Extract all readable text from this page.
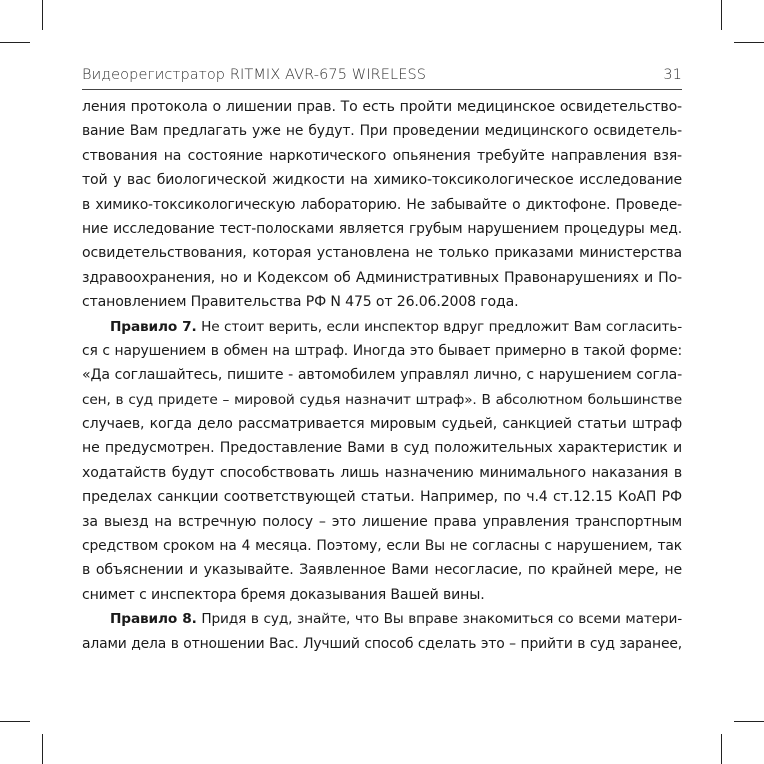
Видеорегистратор RITMIX AVR-675 WIRELESS	31
ления протокола о лишении прав. То есть пройти медицинское освидетельство-
вание Вам предлагать уже не будут. При проведении медицинского освидетель-
ствования на состояние наркотического опьянения требуйте направления взя-
той у вас биологической жидкости на химико-токсикологическое исследование
в химико-токсикологическую лабораторию. Не забывайте о диктофоне. Проведе-
ние исследование тест-полосками является грубым нарушением процедуры мед.
освидетельствования, которая установлена не только приказами министерства
здравоохранения, но и Кодексом об Административных Правонарушениях и По-
становлением Правительства РФ N 475 от 26.06.2008 года.
Правило 7. Не стоит верить, если инспектор вдруг предложит Вам согласить-
ся с нарушением в обмен на штраф. Иногда это бывает примерно в такой форме:
«Да соглашайтесь, пишите - автомобилем управлял лично, с нарушением согла-
сен, в суд придете – мировой судья назначит штраф». В абсолютном большинстве
случаев, когда дело рассматривается мировым судьей, санкцией статьи штраф
не предусмотрен. Предоставление Вами в суд положительных характеристик и
ходатайств будут способствовать лишь назначению минимального наказания в
пределах санкции соответствующей статьи. Например, по ч.4 ст.12.15 КоАП РФ
за выезд на встречную полосу – это лишение права управления транспортным
средством сроком на 4 месяца. Поэтому, если Вы не согласны с нарушением, так
в объяснении и указывайте. Заявленное Вами несогласие, по крайней мере, не
снимет с инспектора бремя доказывания Вашей вины.
Правило 8. Придя в суд, знайте, что Вы вправе знакомиться со всеми матери-
алами дела в отношении Вас. Лучший способ сделать это – прийти в суд заранее,
